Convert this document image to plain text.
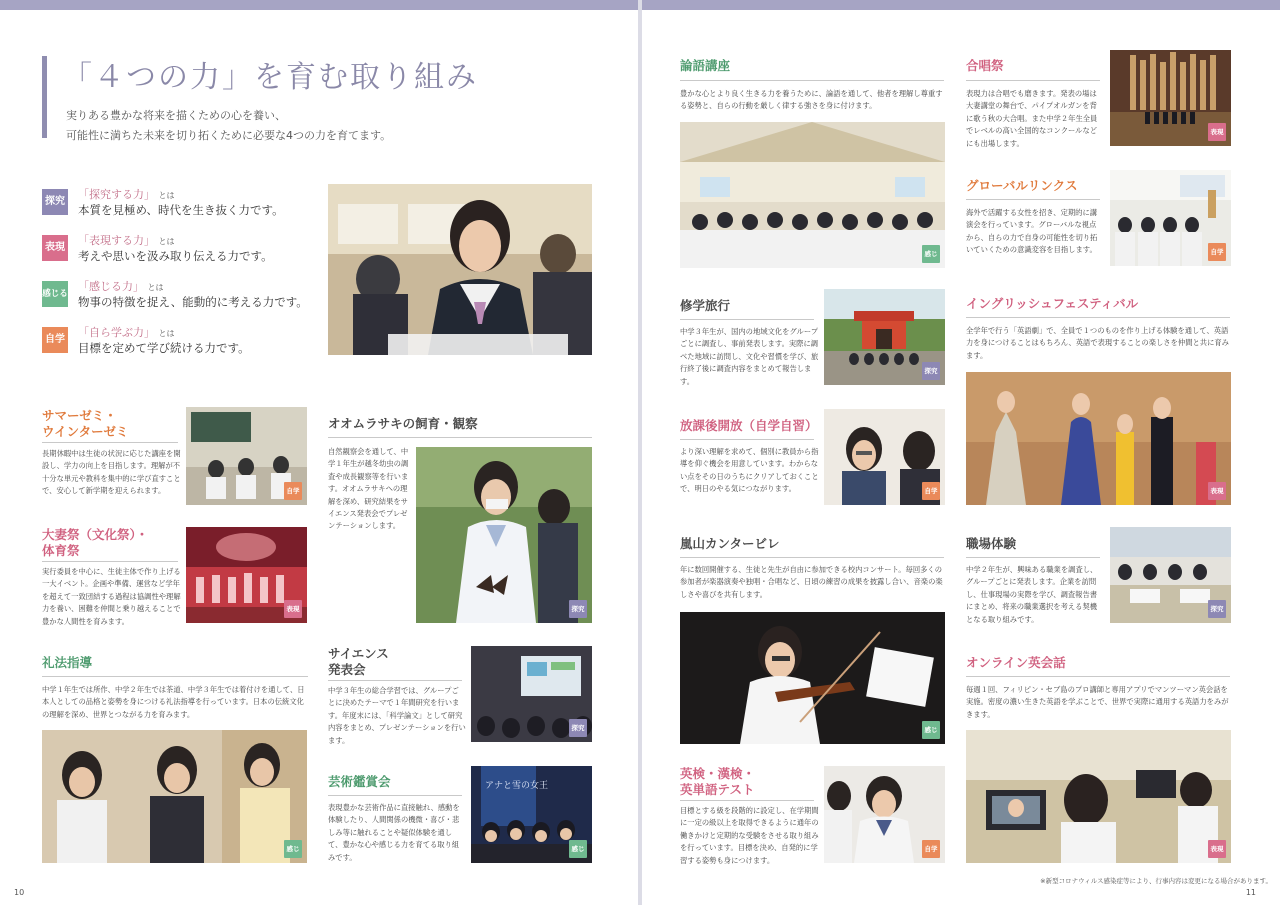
「４つの力」を育む取り組み
実りある豊かな将来を描くための心を養い、
可能性に満ちた未来を切り拓くために必要な4つの力を育てます。
探究
「探究する力」 とは
本質を見極め、時代を生き抜く力です。
表現
「表現する力」 とは
考えや思いを汲み取り伝える力です。
感じる
「感じる力」 とは
物事の特徴を捉え、能動的に考える力です。
自学
「自ら学ぶ力」 とは
目標を定めて学び続ける力です。
サマーゼミ・
ウインターゼミ
長期休暇中は生徒の状況に応じた講座を開設し、学力の向上を目指します。理解が不十分な単元や教科を集中的に学び直すことで、安心して新学期を迎えられます。	自学
大妻祭（文化祭）・
体育祭
実行委員を中心に、生徒主体で作り上げる一大イベント。企画や準備、運営など学年を超えて一致団結する過程は協調性や理解力を養い、困難を仲間と乗り越えることで豊かな人間性を育みます。
表現
礼法指導
中学１年生では所作、中学２年生では茶道、中学３年生では着付けを通して、日本人としての品格と姿勢を身につける礼法指導を行っています。日本の伝統文化の理解を深め、世界とつながる力を育みます。
感じる
オオムラサキの飼育・観察
自然観察会を通して、中学１年生が越冬幼虫の調査や成長観察等を行います。オオムラサキへの理解を深め、研究結果をサイエンス発表会でプレゼンテーションします。
探究
サイエンス
発表会
中学３年生の総合学習では、グループごとに決めたテーマで１年間研究を行います。年度末には、「科学論文」として研究内容をまとめ、プレゼンテーションを行います。
探究
芸術鑑賞会
表現豊かな芸術作品に直接触れ、感動を体験したり、人間関係の機微・喜び・悲しみ等に触れることや疑似体験を通して、豊かな心や感じる力を育てる取り組みです。
アナと雪の女王
感じる
10
論語講座
豊かな心とより良く生きる力を養うために、論語を通して、他者を理解し尊重する姿勢と、自らの行動を厳しく律する強さを身に付けます。
感じる
修学旅行
中学３年生が、国内の地域文化をグループごとに調査し、事前発表します。実際に調べた地域に訪問し、文化や習慣を学び、旅行終了後に調査内容をまとめて報告します。
探究
放課後開放（自学自習）
より深い理解を求めて、個別に教員から指導を仰ぐ機会を用意しています。わからない点をその日のうちにクリアしておくことで、明日のやる気につながります。	自学
嵐山カンタービレ
年に数回開催する、生徒と先生が自由に参加できる校内コンサート。毎回多くの参加者が楽器演奏や独唱・合唱など、日頃の練習の成果を披露し合い、音楽の楽しさや喜びを共有します。
感じる
英検・漢検・
英単語テスト
目標とする級を段階的に設定し、在学期間に一定の級以上を取得できるように通年の働きかけと定期的な受験をさせる取り組みを行っています。目標を決め、自発的に学習する姿勢も身につけます。
自学
合唱祭
表現力は合唱でも磨きます。発表の場は大妻講堂の舞台で、パイプオルガンを背に歌う秋の大合唱。また中学２年生全員でレベルの高い全国的なコンクールなどにも出場します。
表現
グローバルリンクス
海外で活躍する女性を招き、定期的に講演会を行っています。グローバルな視点から、自らの力で自身の可能性を切り拓いていくための意識変容を目指します。	自学
イングリッシュフェスティバル
全学年で行う「英語劇」で、全員で１つのものを作り上げる体験を通して、英語力を身につけることはもちろん、英語で表現することの楽しさを仲間と共に育みます。
表現
職場体験
中学２年生が、興味ある職業を調査し、グループごとに発表します。企業を訪問し、仕事現場の実際を学び、調査報告書にまとめ、将来の職業選択を考える契機となる取り組みです。
探究
オンライン英会話
毎週１回、フィリピン・セブ島のプロ講師と専用アプリでマンツーマン英会話を実施。密度の濃い生きた英語を学ぶことで、世界で実際に通用する英語力をみがきます。
表現
※新型コロナウィルス感染症等により、行事内容は変更になる場合があります。
11
